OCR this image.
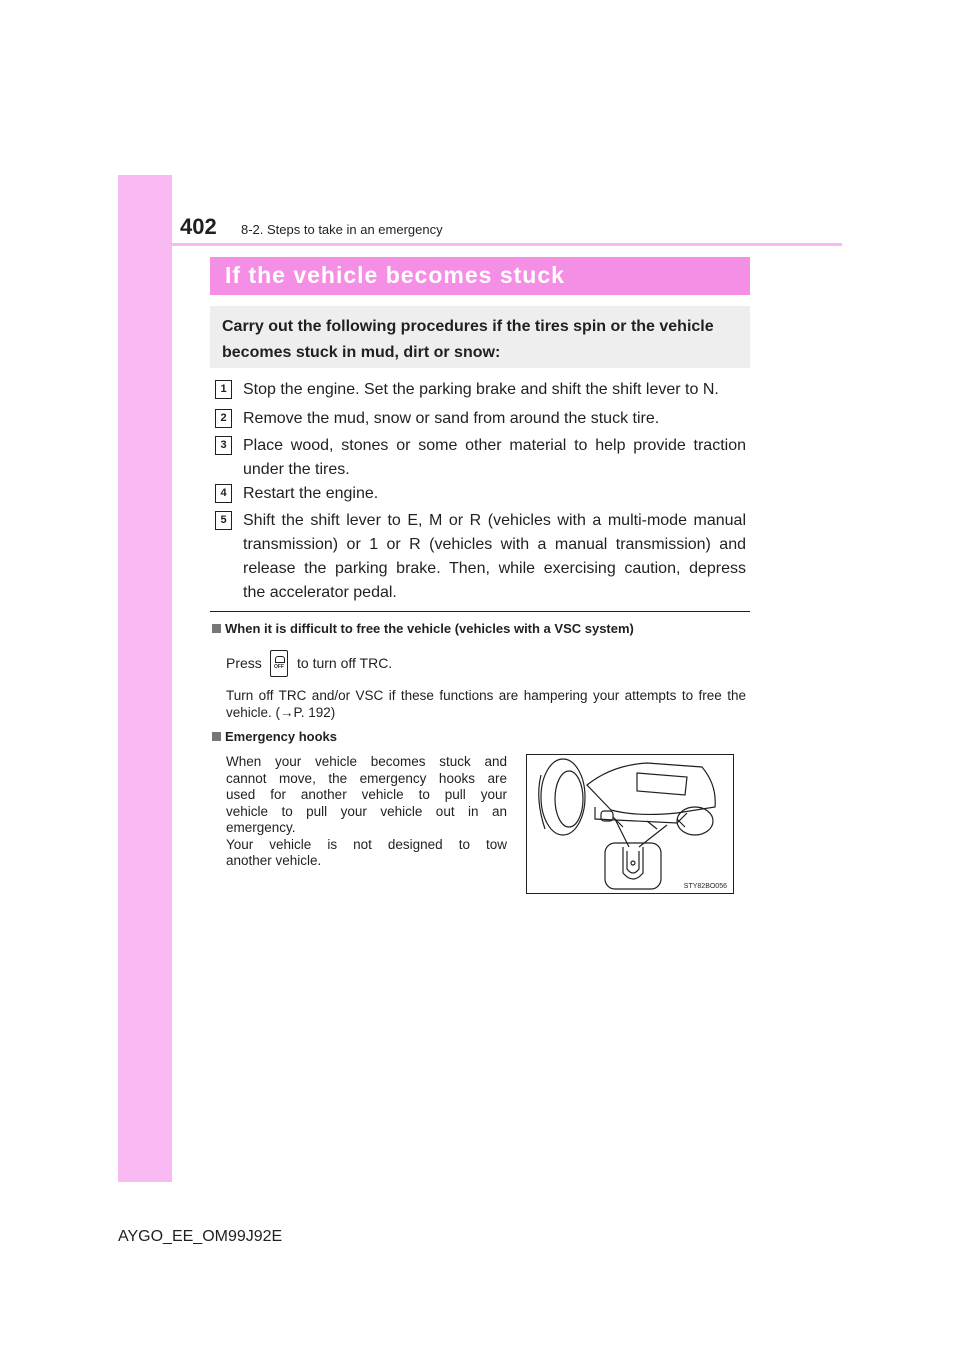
402 8-2. Steps to take in an emergency
If the vehicle becomes stuck
Carry out the following procedures if the tires spin or the vehicle becomes stuck in mud, dirt or snow:
1	Stop the engine. Set the parking brake and shift the shift lever to N.
2	Remove the mud, snow or sand from around the stuck tire.
3	Place wood, stones or some other material to help provide traction
under the tires.
4	Restart the engine.
5	Shift the shift lever to E, M or R (vehicles with a multi-mode manual
transmission) or 1 or R (vehicles with a manual transmission) and
release the parking brake. Then, while exercising caution, depress
the accelerator pedal.
When it is difficult to free the vehicle (vehicles with a VSC system)
Press	OFF to turn off TRC.
Turn off TRC and/or VSC if these functions are hampering your attempts to free the vehicle. (→P. 192)
Emergency hooks
When your vehicle becomes stuck and
cannot move, the emergency hooks are
used for another vehicle to pull your
vehicle to pull your vehicle out in an
emergency.
Your vehicle is not designed to tow
another vehicle.
STY82BO056
AYGO_EE_OM99J92E
